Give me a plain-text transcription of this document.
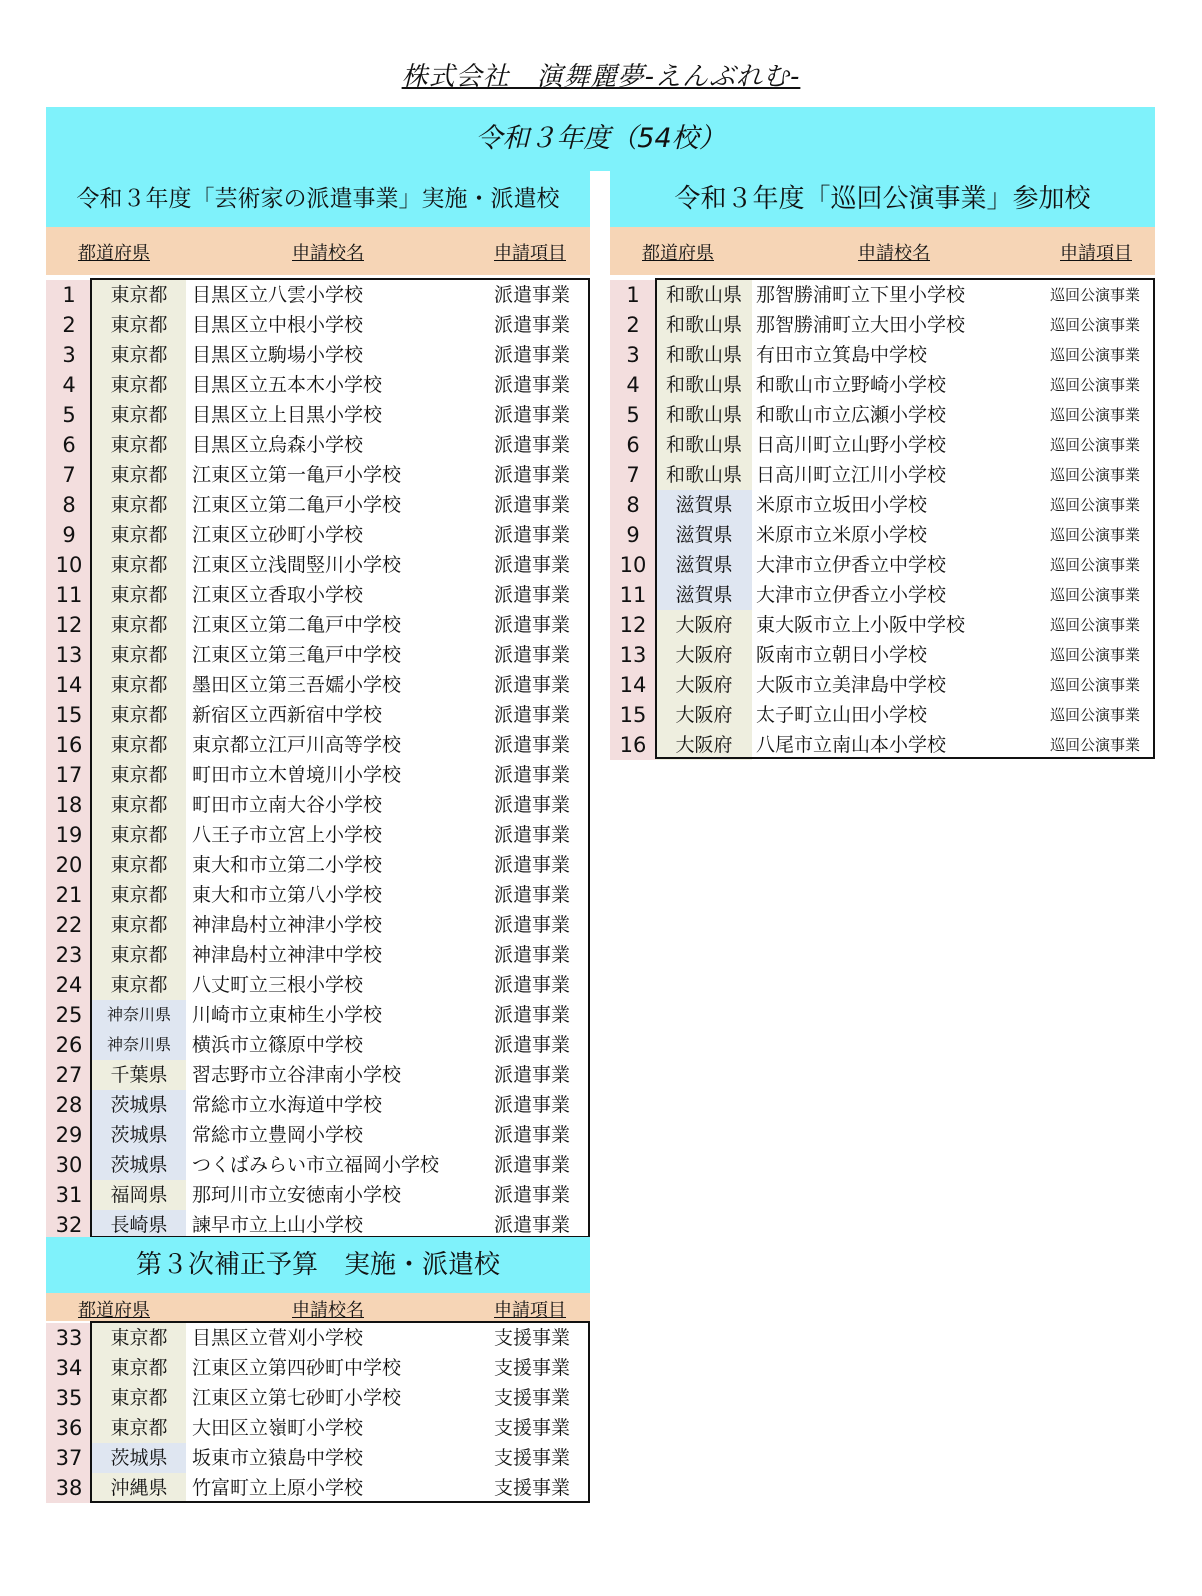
株式会社　演舞麗夢-えんぶれむ-
令和３年度（54校）
令和３年度「芸術家の派遣事業」実施・派遣校	令和３年度「巡回公演事業」参加校
都道府県	申請校名	申請項目	都道府県	申請校名	申請項目
1	東京都	目黒区立八雲小学校	派遣事業
2	東京都	目黒区立中根小学校	派遣事業
3	東京都	目黒区立駒場小学校	派遣事業
4	東京都	目黒区立五本木小学校	派遣事業
5	東京都	目黒区立上目黒小学校	派遣事業
6	東京都	目黒区立烏森小学校	派遣事業
7	東京都	江東区立第一亀戸小学校	派遣事業
8	東京都	江東区立第二亀戸小学校	派遣事業
9	東京都	江東区立砂町小学校	派遣事業
10	東京都	江東区立浅間竪川小学校	派遣事業
11	東京都	江東区立香取小学校	派遣事業
12	東京都	江東区立第二亀戸中学校	派遣事業
13	東京都	江東区立第三亀戸中学校	派遣事業
14	東京都	墨田区立第三吾嬬小学校	派遣事業
15	東京都	新宿区立西新宿中学校	派遣事業
16	東京都	東京都立江戸川高等学校	派遣事業
17	東京都	町田市立木曽境川小学校	派遣事業
18	東京都	町田市立南大谷小学校	派遣事業
19	東京都	八王子市立宮上小学校	派遣事業
20	東京都	東大和市立第二小学校	派遣事業
21	東京都	東大和市立第八小学校	派遣事業
22	東京都	神津島村立神津小学校	派遣事業
23	東京都	神津島村立神津中学校	派遣事業
24	東京都	八丈町立三根小学校	派遣事業
25	神奈川県	川崎市立東柿生小学校	派遣事業
26	神奈川県	横浜市立篠原中学校	派遣事業
27	千葉県	習志野市立谷津南小学校	派遣事業
28	茨城県	常総市立水海道中学校	派遣事業
29	茨城県	常総市立豊岡小学校	派遣事業
30	茨城県	つくばみらい市立福岡小学校	派遣事業
31	福岡県	那珂川市立安徳南小学校	派遣事業
32	長崎県	諫早市立上山小学校	派遣事業
1	和歌山県 那智勝浦町立下里小学校	巡回公演事業
2	和歌山県 那智勝浦町立大田小学校	巡回公演事業
3	和歌山県 有田市立箕島中学校	巡回公演事業
4	和歌山県 和歌山市立野崎小学校	巡回公演事業
5	和歌山県 和歌山市立広瀬小学校	巡回公演事業
6	和歌山県 日高川町立山野小学校	巡回公演事業
7	和歌山県 日高川町立江川小学校	巡回公演事業
8	滋賀県	米原市立坂田小学校	巡回公演事業
9	滋賀県	米原市立米原小学校	巡回公演事業
10	滋賀県	大津市立伊香立中学校	巡回公演事業
11	滋賀県	大津市立伊香立小学校	巡回公演事業
12	大阪府	東大阪市立上小阪中学校	巡回公演事業
13	大阪府	阪南市立朝日小学校	巡回公演事業
14	大阪府	大阪市立美津島中学校	巡回公演事業
15	大阪府	太子町立山田小学校	巡回公演事業
16	大阪府	八尾市立南山本小学校	巡回公演事業
第３次補正予算　実施・派遣校
都道府県	申請校名	申請項目
33	東京都	目黒区立菅刈小学校	支援事業
34	東京都	江東区立第四砂町中学校	支援事業
35	東京都	江東区立第七砂町小学校	支援事業
36	東京都	大田区立嶺町小学校	支援事業
37	茨城県	坂東市立猿島中学校	支援事業
38	沖縄県	竹富町立上原小学校	支援事業
